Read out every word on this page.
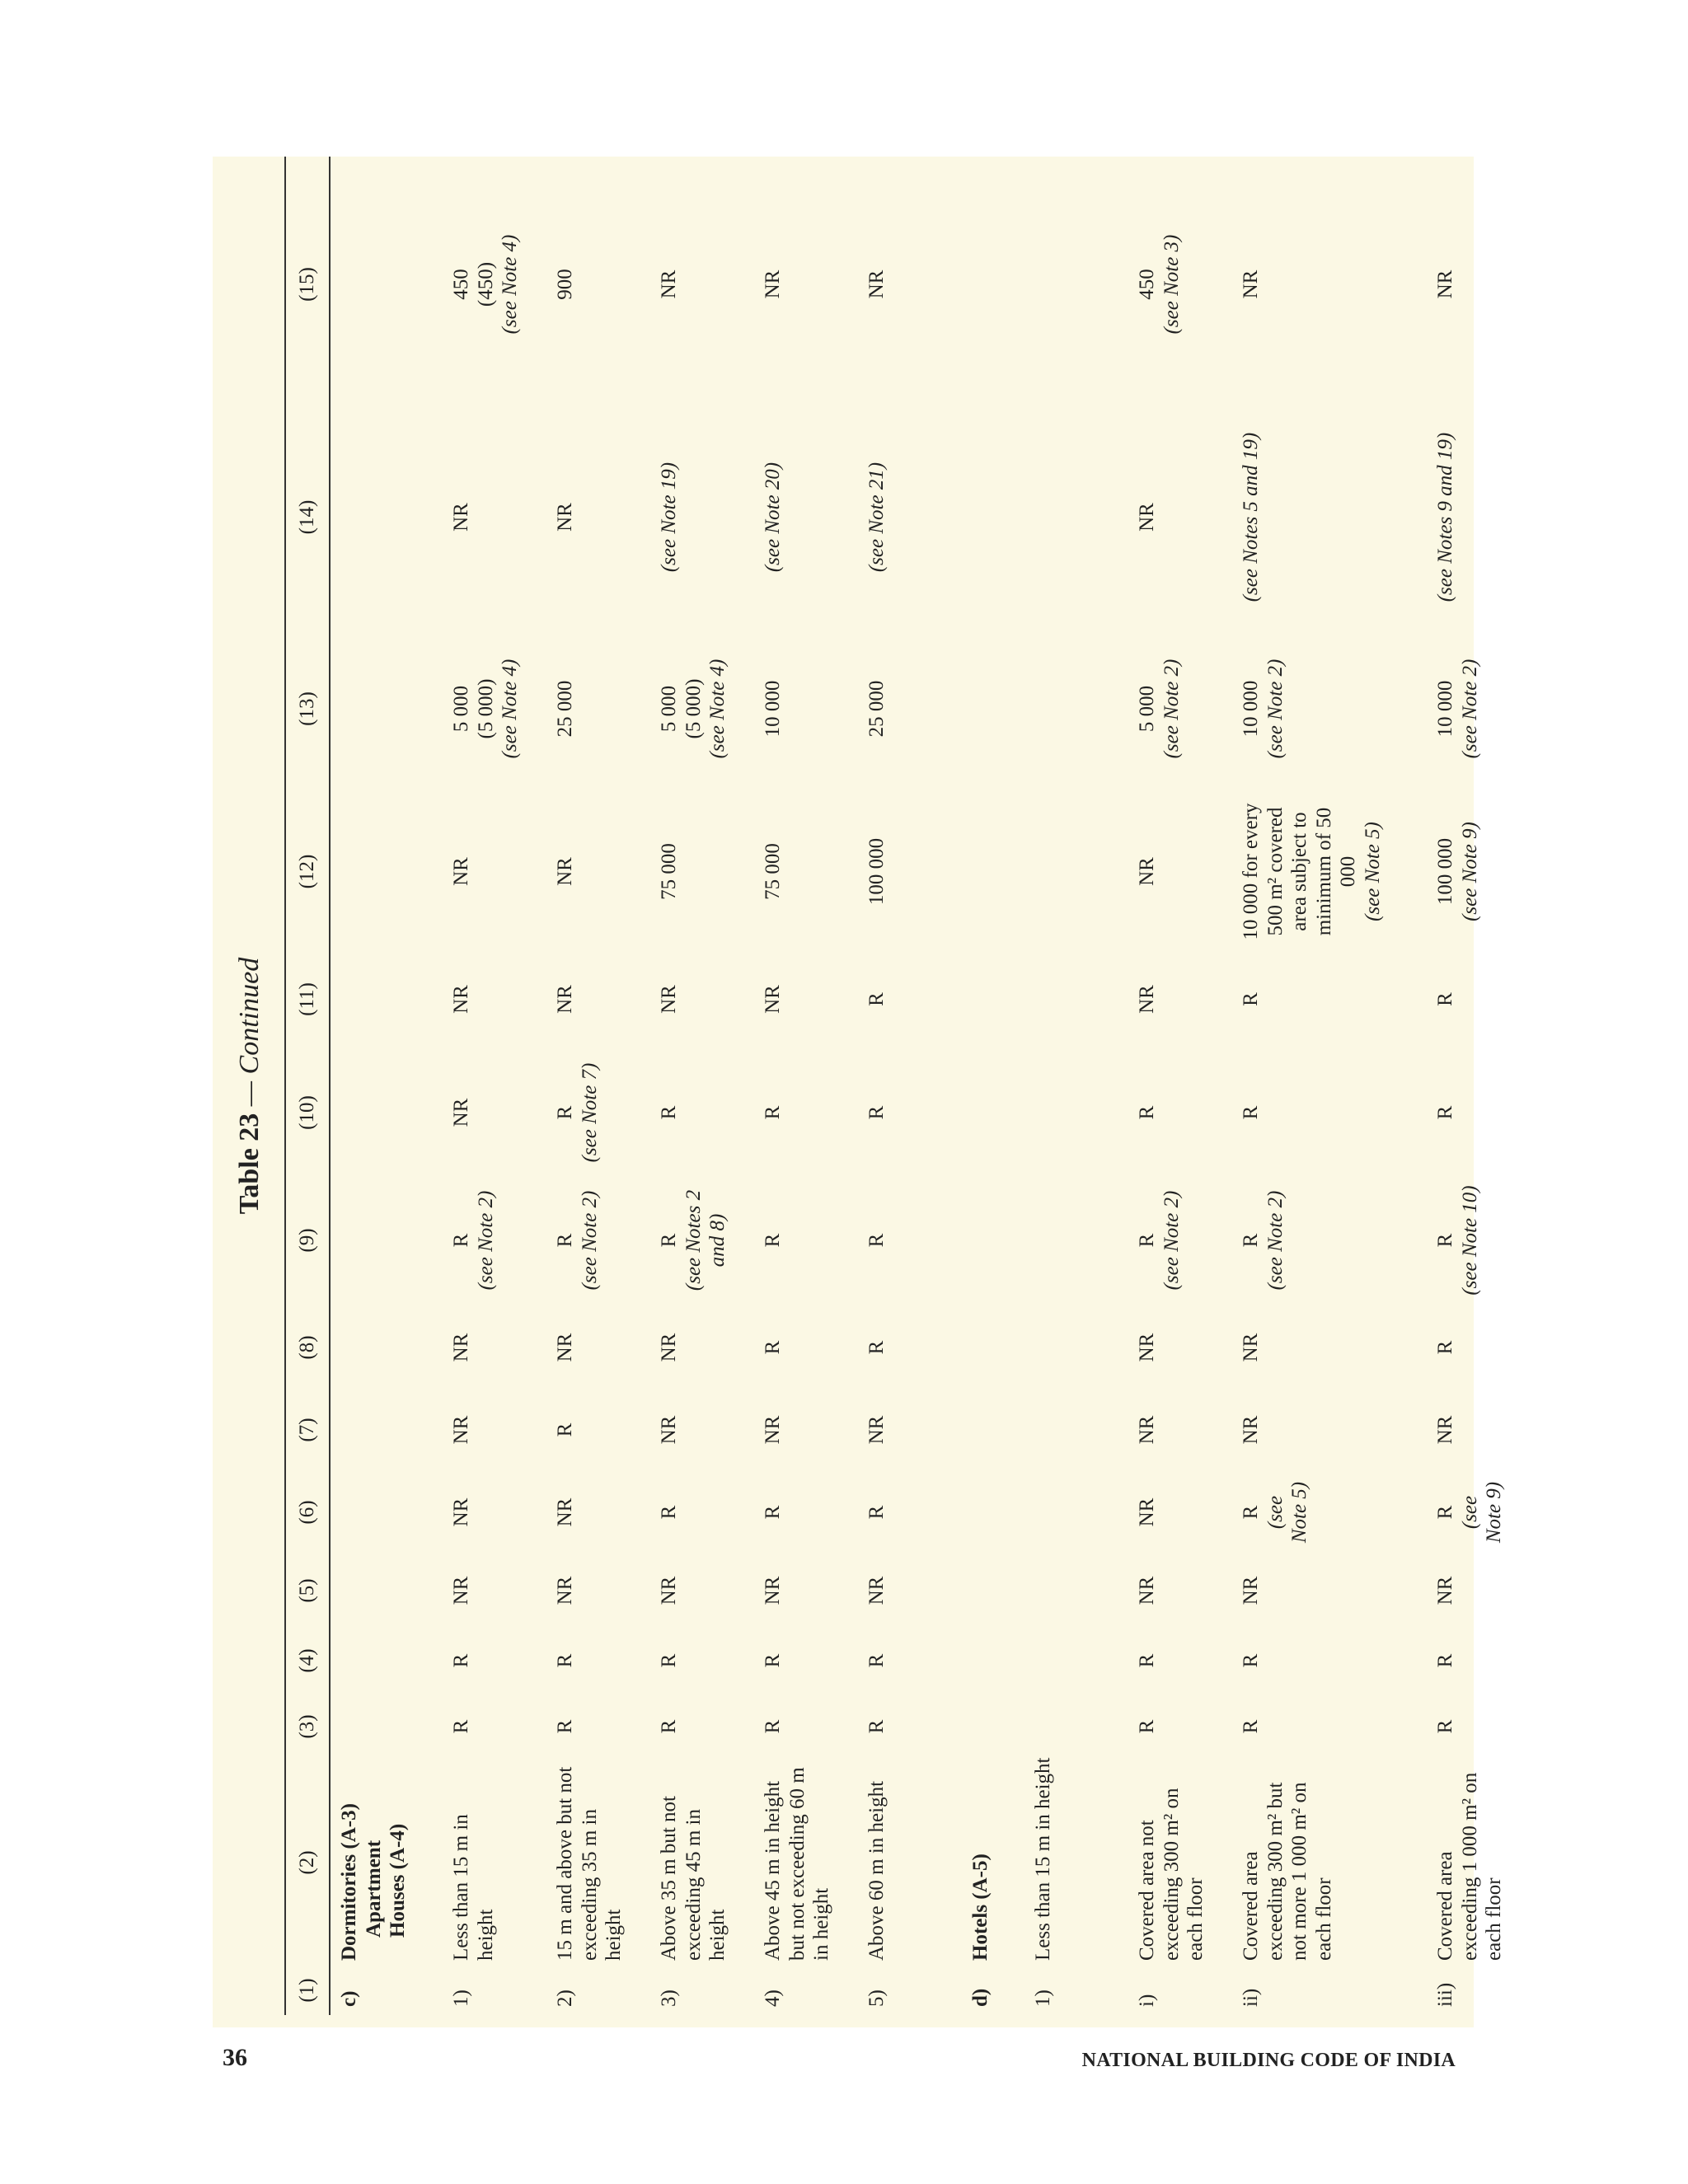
Table 23 — Continued
(1)	(2)	(3)	(4)	(5)	(6)	(7)	(8)	(9)	(10)	(11)	(12)	(13)	(14)	(15)
c)	Dormitories (A-3) Apartment Houses (A-4)													

1)	Less than 15 m in height	R	R	NR	NR	NR	NR	R (see Note 2)	NR	NR	NR	5 000 (5 000) (see Note 4)	NR	450 (450) (see Note 4)
2)	15 m and above but not exceeding 35 m in height	R	R	NR	NR	R	NR	R (see Note 2)	R (see Note 7)	NR	NR	25 000	NR	900
3)	Above 35 m but not exceeding 45 m in height	R	R	NR	R	NR	NR	R (see Notes 2 and 8)	R	NR	75 000	5 000 (5 000) (see Note 4)	(see Note 19)	NR
4)	Above 45 m in height but not exceeding 60 m in height	R	R	NR	R	NR	R	R	R	NR	75 000	10 000	(see Note 20)	NR
5)	Above 60 m in height	R	R	NR	R	NR	R	R	R	R	100 000	25 000	(see Note 21)	NR
d)	Hotels (A-5)													
1)	Less than 15 m in height													
i)	Covered area not exceeding 300 m² on each floor	R	R	NR	NR	NR	NR	R (see Note 2)	R	NR	NR	5 000 (see Note 2)	NR	450 (see Note 3)
ii)	Covered area exceeding 300 m² but not more 1 000 m² on each floor	R	R	NR	R (see Note 5)	NR	NR	R (see Note 2)	R	R	10 000 for every 500 m² covered area subject to minimum of 50 000 (see Note 5)	10 000 (see Note 2)	(see Notes 5 and 19)	NR
iii)	Covered area exceeding 1 000 m² on each floor	R	R	NR	R (see Note 9)	NR	R	R (see Note 10)	R	R	100 000 (see Note 9)	10 000 (see Note 2)	(see Notes 9 and 19)	NR
36	NATIONAL BUILDING CODE OF INDIA
